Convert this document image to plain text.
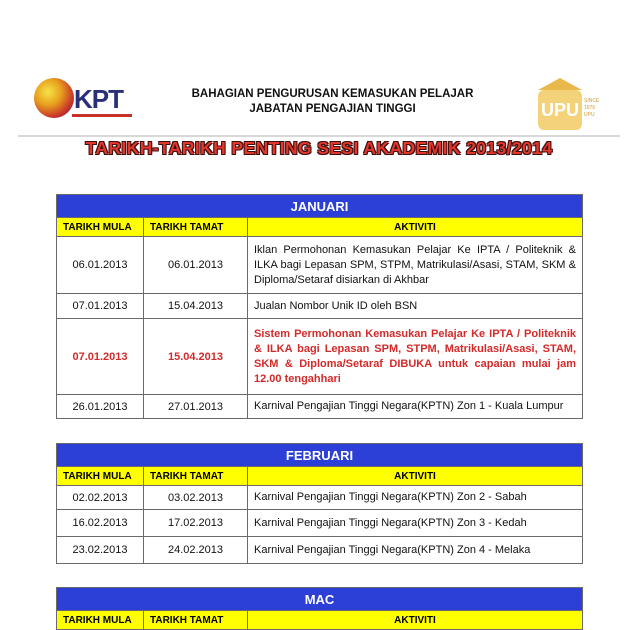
KPT	BAHAGIAN PENGURUSAN KEMASUKAN PELAJAR
JABATAN PENGAJIAN TINGGI	UPU	SINCE 1976
UPU
TARIKH-TARIKH PENTING SESI AKADEMIK 2013/2014
JANUARI		
TARIKH MULA	TARIKH TAMAT	AKTIVITI
06.01.2013	06.01.2013	Iklan Permohonan Kemasukan Pelajar Ke IPTA / Politeknik & ILKA bagi Lepasan SPM, STPM, Matrikulasi/Asasi, STAM, SKM & Diploma/Setaraf disiarkan di Akhbar
07.01.2013	15.04.2013	Jualan Nombor Unik ID oleh BSN
07.01.2013	15.04.2013	Sistem Permohonan Kemasukan Pelajar Ke IPTA / Politeknik & ILKA bagi Lepasan SPM, STPM, Matrikulasi/Asasi, STAM, SKM & Diploma/Setaraf DIBUKA untuk capaian mulai jam 12.00 tengahhari
26.01.2013	27.01.2013	Karnival Pengajian Tinggi Negara(KPTN) Zon 1 - Kuala Lumpur
FEBRUARI		
TARIKH MULA	TARIKH TAMAT	AKTIVITI
02.02.2013	03.02.2013	Karnival Pengajian Tinggi Negara(KPTN) Zon 2 - Sabah
16.02.2013	17.02.2013	Karnival Pengajian Tinggi Negara(KPTN) Zon 3 - Kedah
23.02.2013	24.02.2013	Karnival Pengajian Tinggi Negara(KPTN) Zon 4 - Melaka
MAC
TARIKH MULA	TARIKH TAMAT	AKTIVITI
